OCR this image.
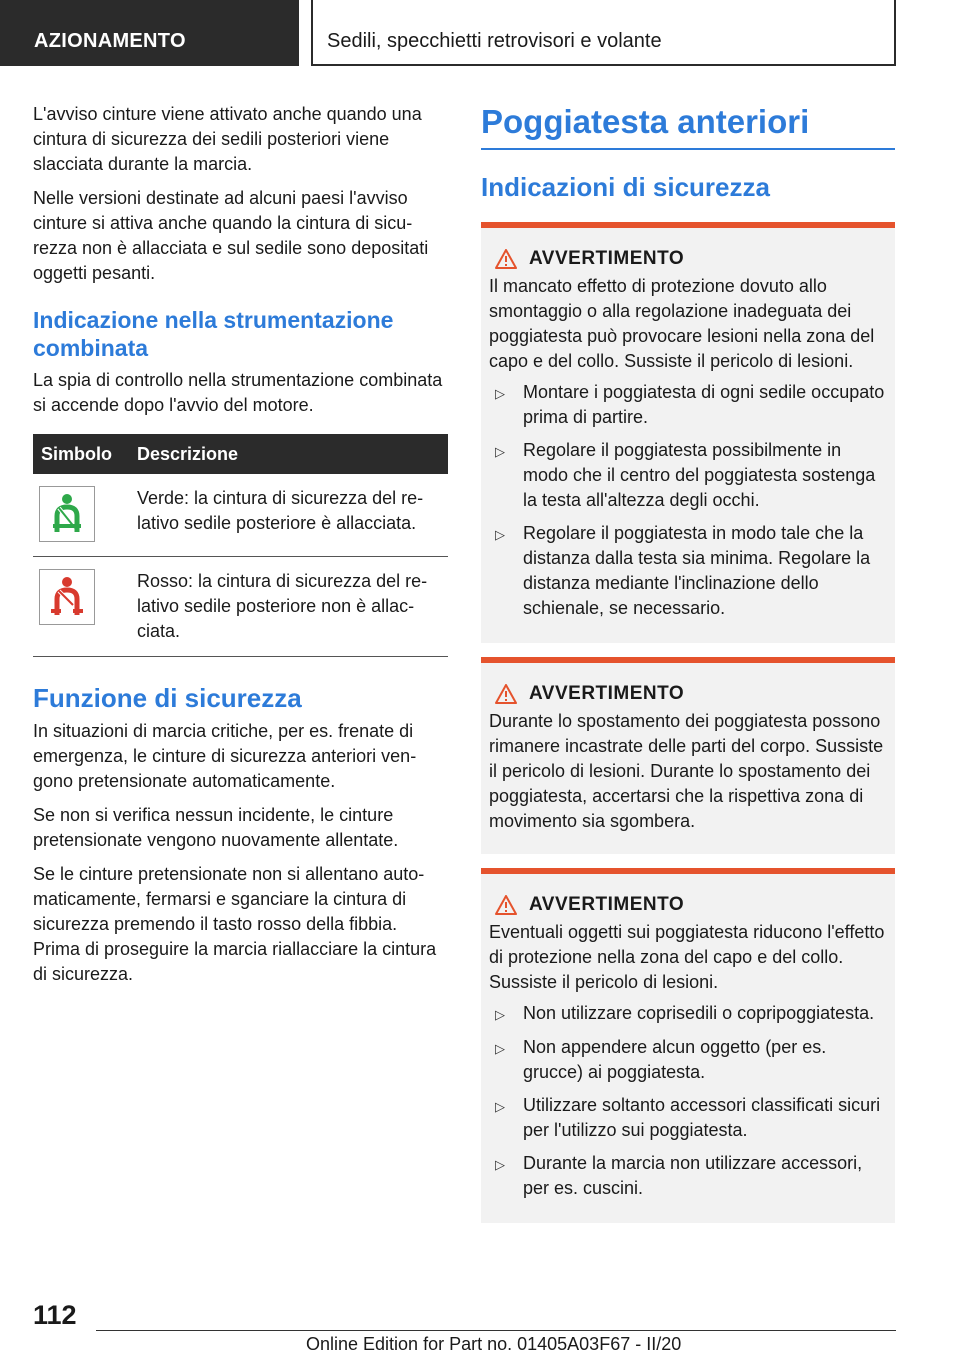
AZIONAMENTO	Sedili, specchietti retrovisori e volante

L'avviso cinture viene attivato anche quando una cintura di sicurezza dei sedili posteriori viene slacciata durante la marcia.

Nelle versioni destinate ad alcuni paesi l'avviso cinture si attiva anche quando la cintura di sicurezza non è allacciata e sul sedile sono depositati oggetti pesanti.

Indicazione nella strumentazione combinata

La spia di controllo nella strumentazione combinata si accende dopo l'avvio del motore.

Simbolo	Descrizione

	Verde: la cintura di sicurezza del relativo sedile posteriore è allacciata.

	Rosso: la cintura di sicurezza del relativo sedile posteriore non è allacciata.
Funzione di sicurezza

In situazioni di marcia critiche, per es. frenate di emergenza, le cinture di sicurezza anteriori vengono pretensionate automaticamente.

Se non si verifica nessun incidente, le cinture pretensionate vengono nuovamente allentate.

Se le cinture pretensionate non si allentano automaticamente, fermarsi e sganciare la cintura di sicurezza premendo il tasto rosso della fibbia. Prima di proseguire la marcia riallacciare la cintura di sicurezza.

Poggiatesta anteriori
Indicazioni di sicurezza
AVVERTIMENTO

Il mancato effetto di protezione dovuto allo smontaggio o alla regolazione inadeguata dei poggiatesta può provocare lesioni nella zona del capo e del collo. Sussiste il pericolo di lesioni.

▷	Montare i poggiatesta di ogni sedile occupato prima di partire.
▷	Regolare il poggiatesta possibilmente in modo che il centro del poggiatesta sostenga la testa all'altezza degli occhi.
▷	Regolare il poggiatesta in modo tale che la distanza dalla testa sia minima. Regolare la distanza mediante l'inclinazione dello schienale, se necessario.
AVVERTIMENTO

Durante lo spostamento dei poggiatesta possono rimanere incastrate delle parti del corpo. Sussiste il pericolo di lesioni. Durante lo spostamento dei poggiatesta, accertarsi che la rispettiva zona di movimento sia sgombera.

AVVERTIMENTO

Eventuali oggetti sui poggiatesta riducono l'effetto di protezione nella zona del capo e del collo. Sussiste il pericolo di lesioni.

▷	Non utilizzare coprisedili o copripoggiatesta.
▷	Non appendere alcun oggetto (per es. grucce) ai poggiatesta.
▷	Utilizzare soltanto accessori classificati sicuri per l'utilizzo sui poggiatesta.
▷	Durante la marcia non utilizzare accessori, per es. cuscini.
112
Online Edition for Part no. 01405A03F67 - II/20
